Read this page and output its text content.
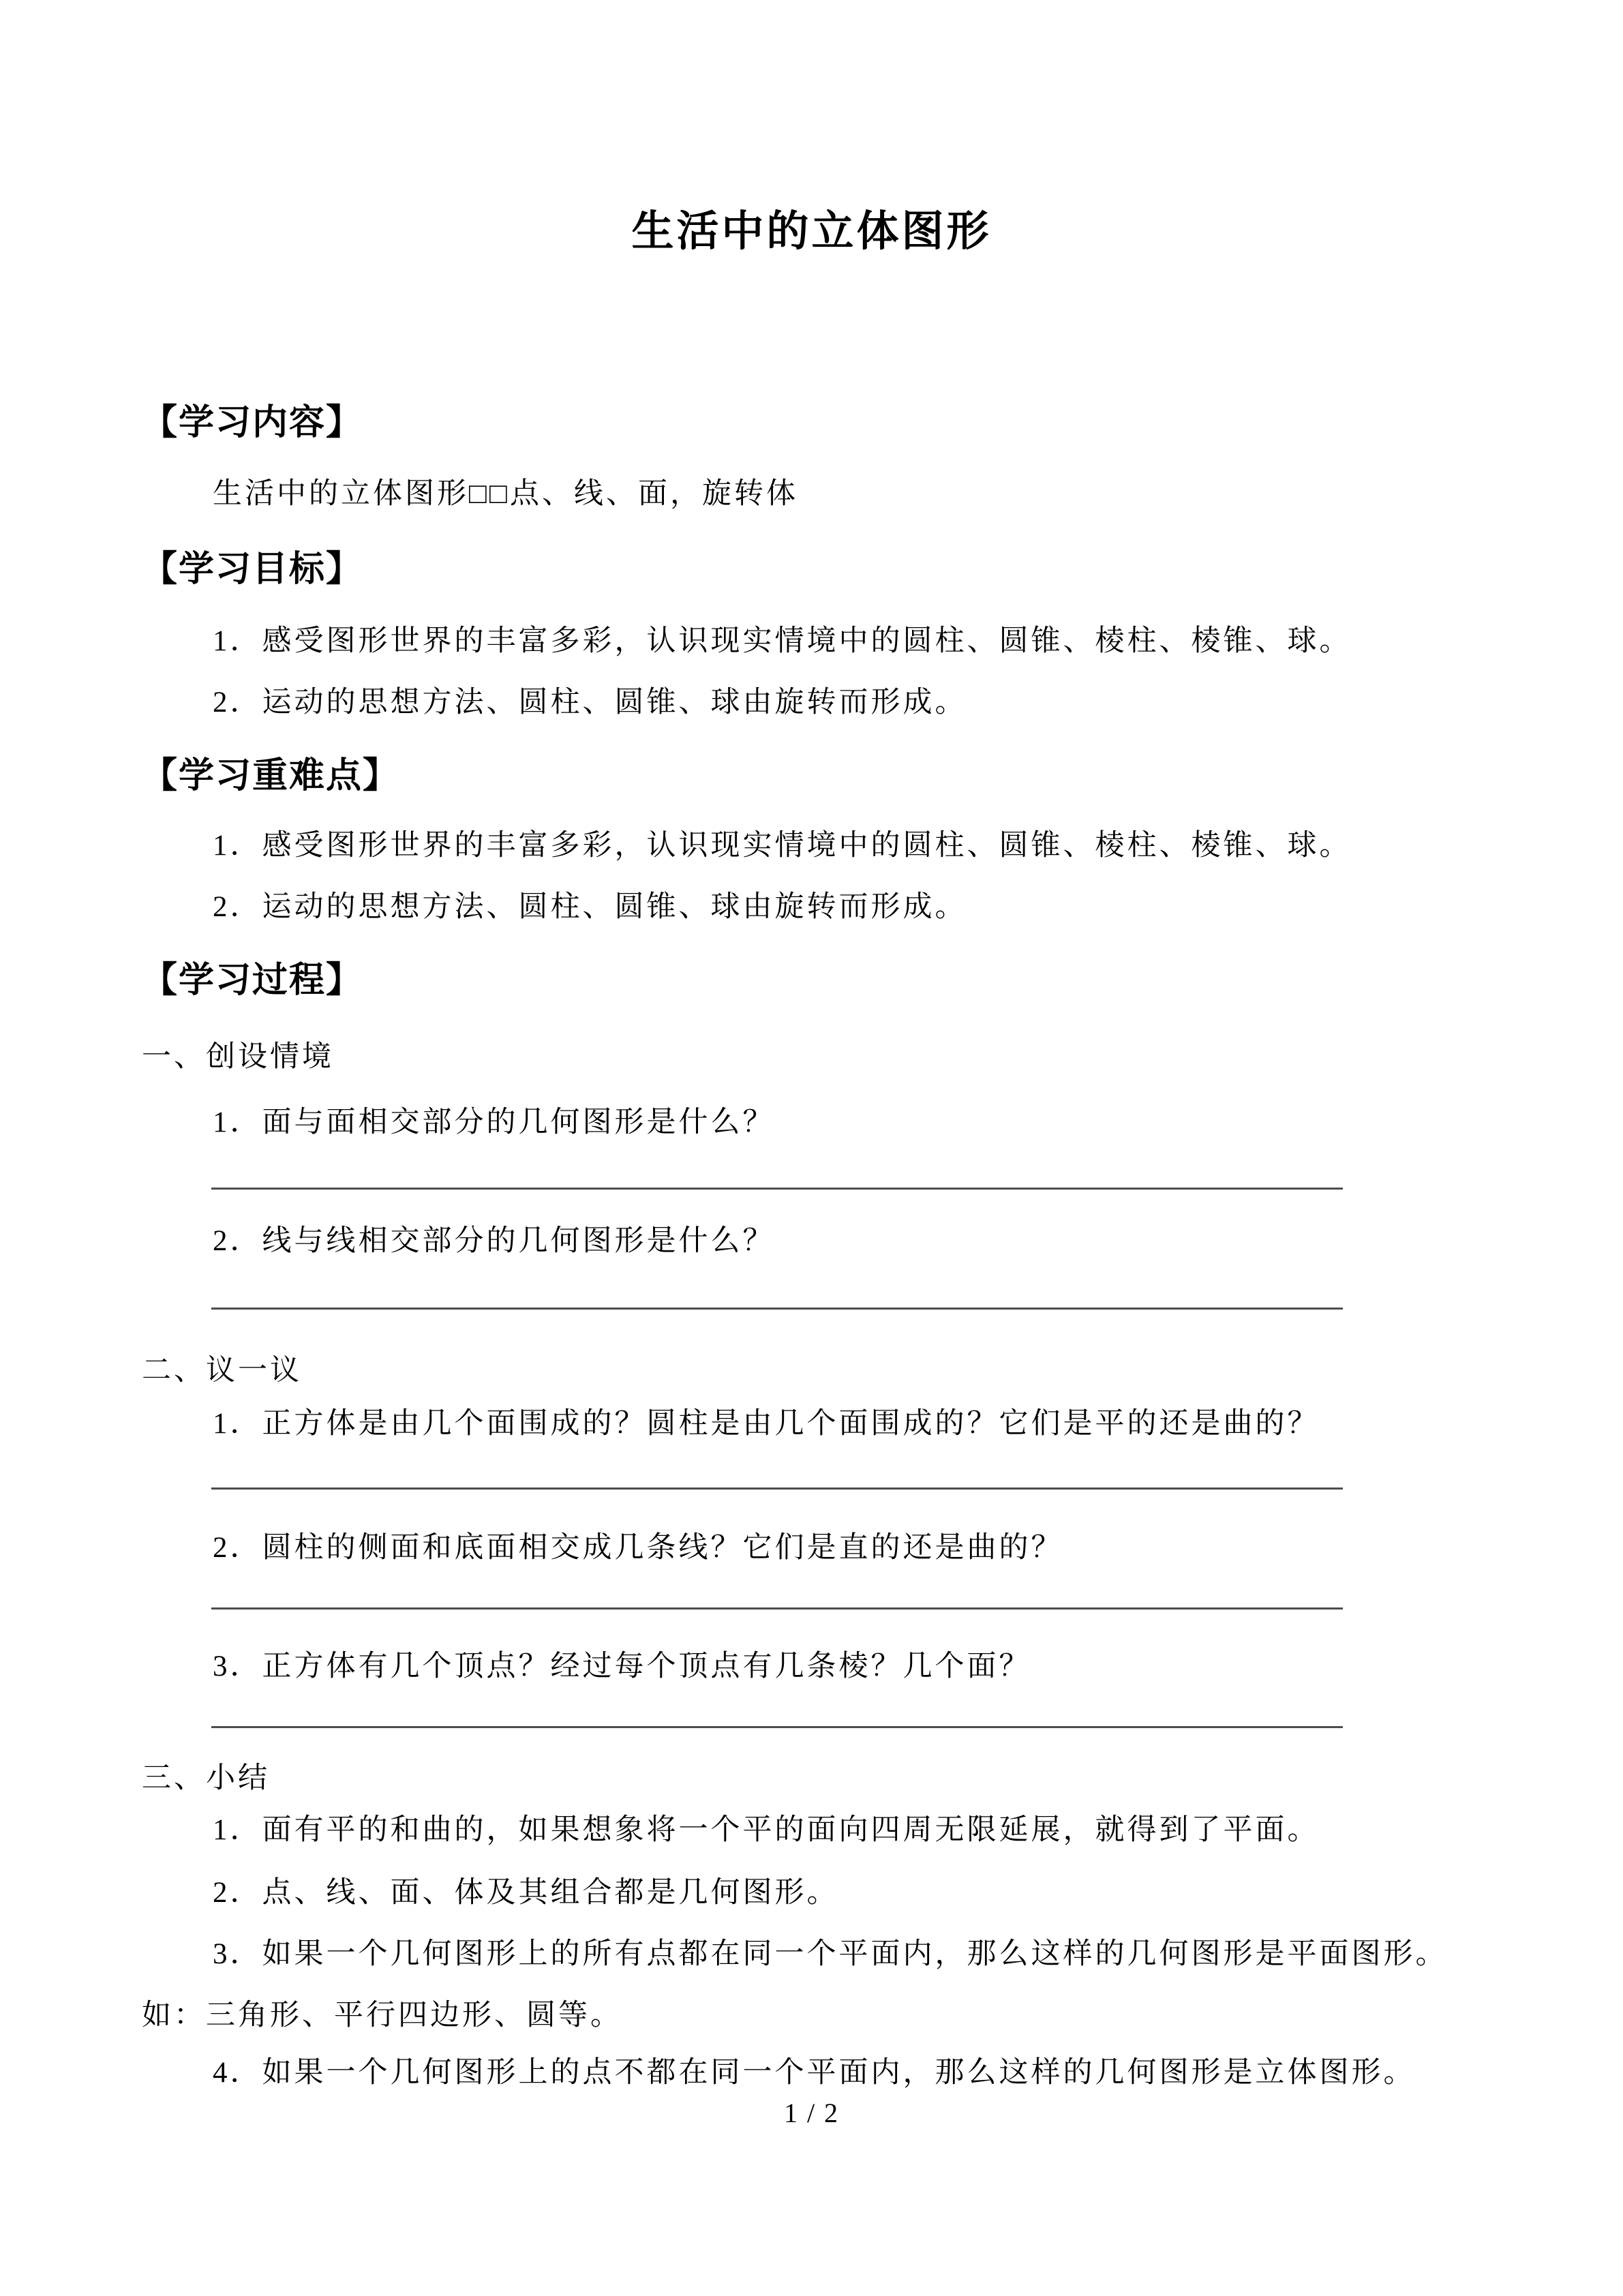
生活中的立体图形
【学习内容】
生活中的立体图形□□点、线、面，旋转体
【学习目标】
1．感受图形世界的丰富多彩，认识现实情境中的圆柱、圆锥、棱柱、棱锥、球。
2．运动的思想方法、圆柱、圆锥、球由旋转而形成。
【学习重难点】
1．感受图形世界的丰富多彩，认识现实情境中的圆柱、圆锥、棱柱、棱锥、球。
2．运动的思想方法、圆柱、圆锥、球由旋转而形成。
【学习过程】
一、创设情境
1．面与面相交部分的几何图形是什么？
2．线与线相交部分的几何图形是什么？
二、议一议
1．正方体是由几个面围成的？圆柱是由几个面围成的？它们是平的还是曲的？
2．圆柱的侧面和底面相交成几条线？它们是直的还是曲的？
3．正方体有几个顶点？经过每个顶点有几条棱？几个面？
三、小结
1．面有平的和曲的，如果想象将一个平的面向四周无限延展，就得到了平面。
2．点、线、面、体及其组合都是几何图形。
3．如果一个几何图形上的所有点都在同一个平面内，那么这样的几何图形是平面图形。
如：三角形、平行四边形、圆等。
4．如果一个几何图形上的点不都在同一个平面内，那么这样的几何图形是立体图形。
1 / 2
